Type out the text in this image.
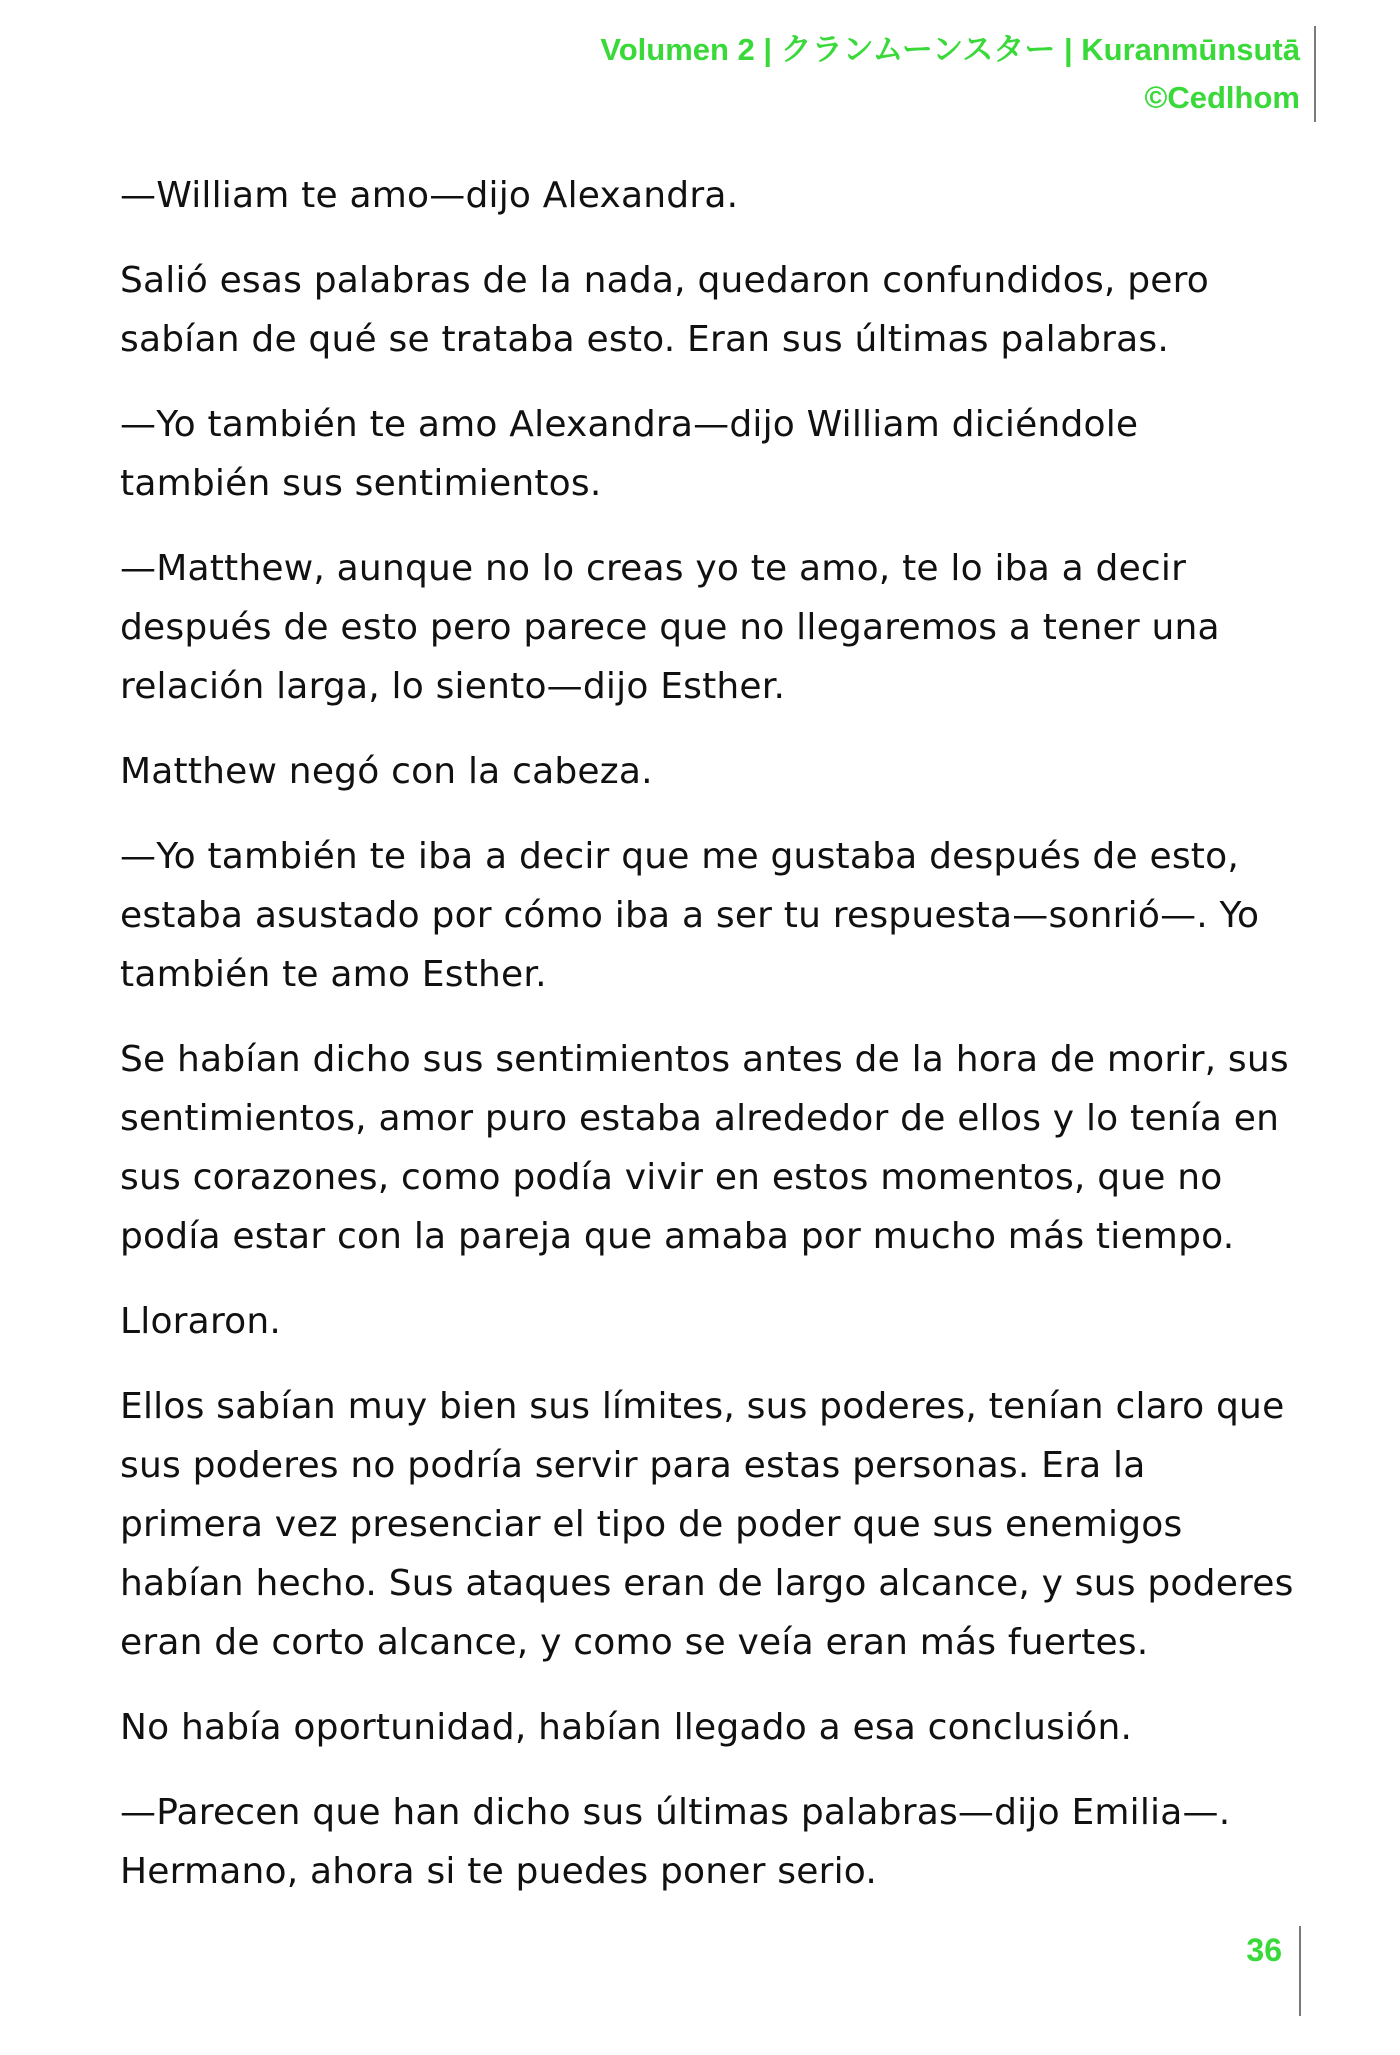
Volumen 2 | クランムーンスター | Kuranmūnsutā
©Cedlhom

—William te amo—dijo Alexandra.

Salió esas palabras de la nada, quedaron confundidos, pero sabían de qué se trataba esto. Eran sus últimas palabras.

—Yo también te amo Alexandra—dijo William diciéndole también sus sentimientos.

—Matthew, aunque no lo creas yo te amo, te lo iba a decir después de esto pero parece que no llegaremos a tener una relación larga, lo siento—dijo Esther.

Matthew negó con la cabeza.

—Yo también te iba a decir que me gustaba después de esto, estaba asustado por cómo iba a ser tu respuesta—sonrió—. Yo también te amo Esther.

Se habían dicho sus sentimientos antes de la hora de morir, sus sentimientos, amor puro estaba alrededor de ellos y lo tenía en sus corazones, como podía vivir en estos momentos, que no podía estar con la pareja que amaba por mucho más tiempo.

Lloraron.

Ellos sabían muy bien sus límites, sus poderes, tenían claro que sus poderes no podría servir para estas personas. Era la primera vez presenciar el tipo de poder que sus enemigos habían hecho. Sus ataques eran de largo alcance, y sus poderes eran de corto alcance, y como se veía eran más fuertes.

No había oportunidad, habían llegado a esa conclusión.

—Parecen que han dicho sus últimas palabras—dijo Emilia—. Hermano, ahora si te puedes poner serio.

36
